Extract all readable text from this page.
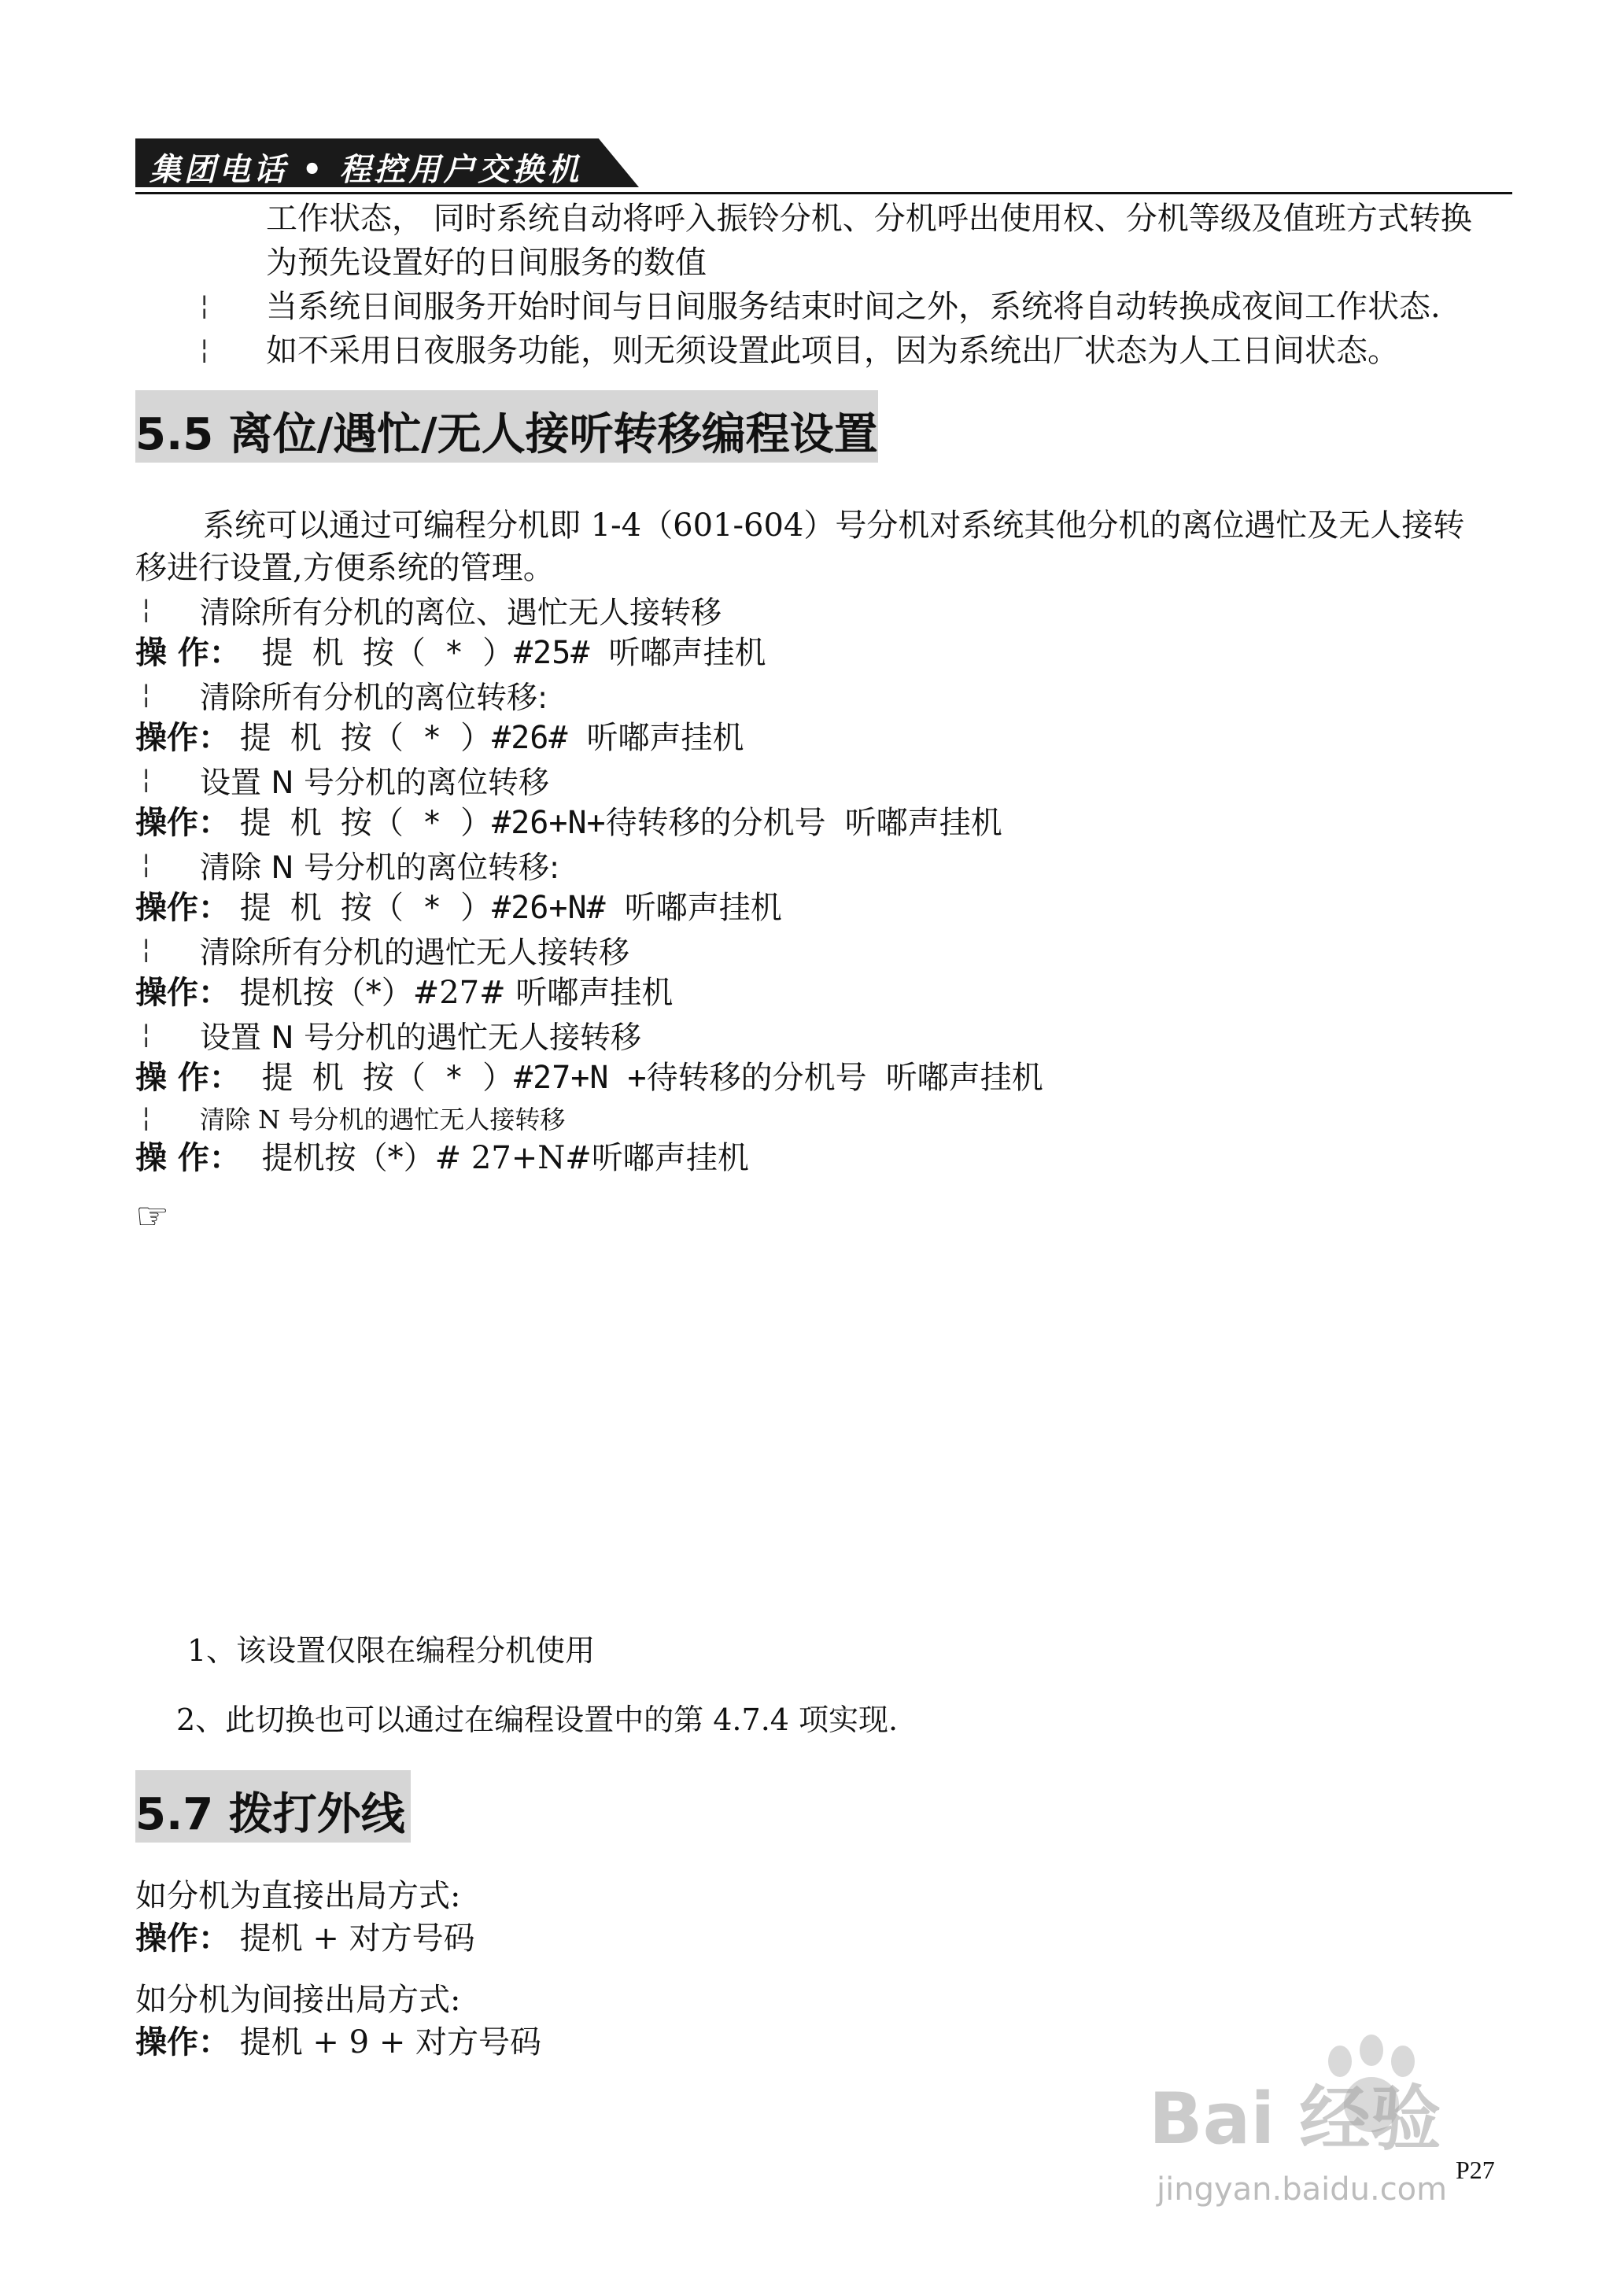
集团电话 • 程控用户交换机
工作状态， 同时系统自动将呼入振铃分机、分机呼出使用权、分机等级及值班方式转换
为预先设置好的日间服务的数值
¦ 当系统日间服务开始时间与日间服务结束时间之外，系统将自动转换成夜间工作状态.
¦ 如不采用日夜服务功能，则无须设置此项目，因为系统出厂状态为人工日间状态。
5.5 离位/遇忙/无人接听转移编程设置
系统可以通过可编程分机即 1-4（601-604）号分机对系统其他分机的离位遇忙及无人接转
移进行设置,方便系统的管理。
¦ 清除所有分机的离位、遇忙无人接转移
操 作： 提 机 按（ * ）#25# 听嘟声挂机
¦ 清除所有分机的离位转移:
操作： 提 机 按（ * ）#26# 听嘟声挂机
¦ 设置 N 号分机的离位转移
操作： 提 机 按（ * ）#26+N+待转移的分机号 听嘟声挂机
¦ 清除 N 号分机的离位转移:
操作： 提 机 按（ * ）#26+N# 听嘟声挂机
¦ 清除所有分机的遇忙无人接转移
操作： 提机按（*）#27# 听嘟声挂机
¦ 设置 N 号分机的遇忙无人接转移
操 作： 提 机 按（ * ）#27+N +待转移的分机号 听嘟声挂机
¦ 清除 N 号分机的遇忙无人接转移
操 作： 提机按（*）# 27+N#听嘟声挂机
☞
1、该设置仅限在编程分机使用
2、此切换也可以通过在编程设置中的第 4.7.4 项实现.
5.7 拨打外线
如分机为直接出局方式:
操作： 提机 + 对方号码
如分机为间接出局方式:
操作： 提机 + 9 + 对方号码
Bai 经验
jingyan.baidu.com
P27
